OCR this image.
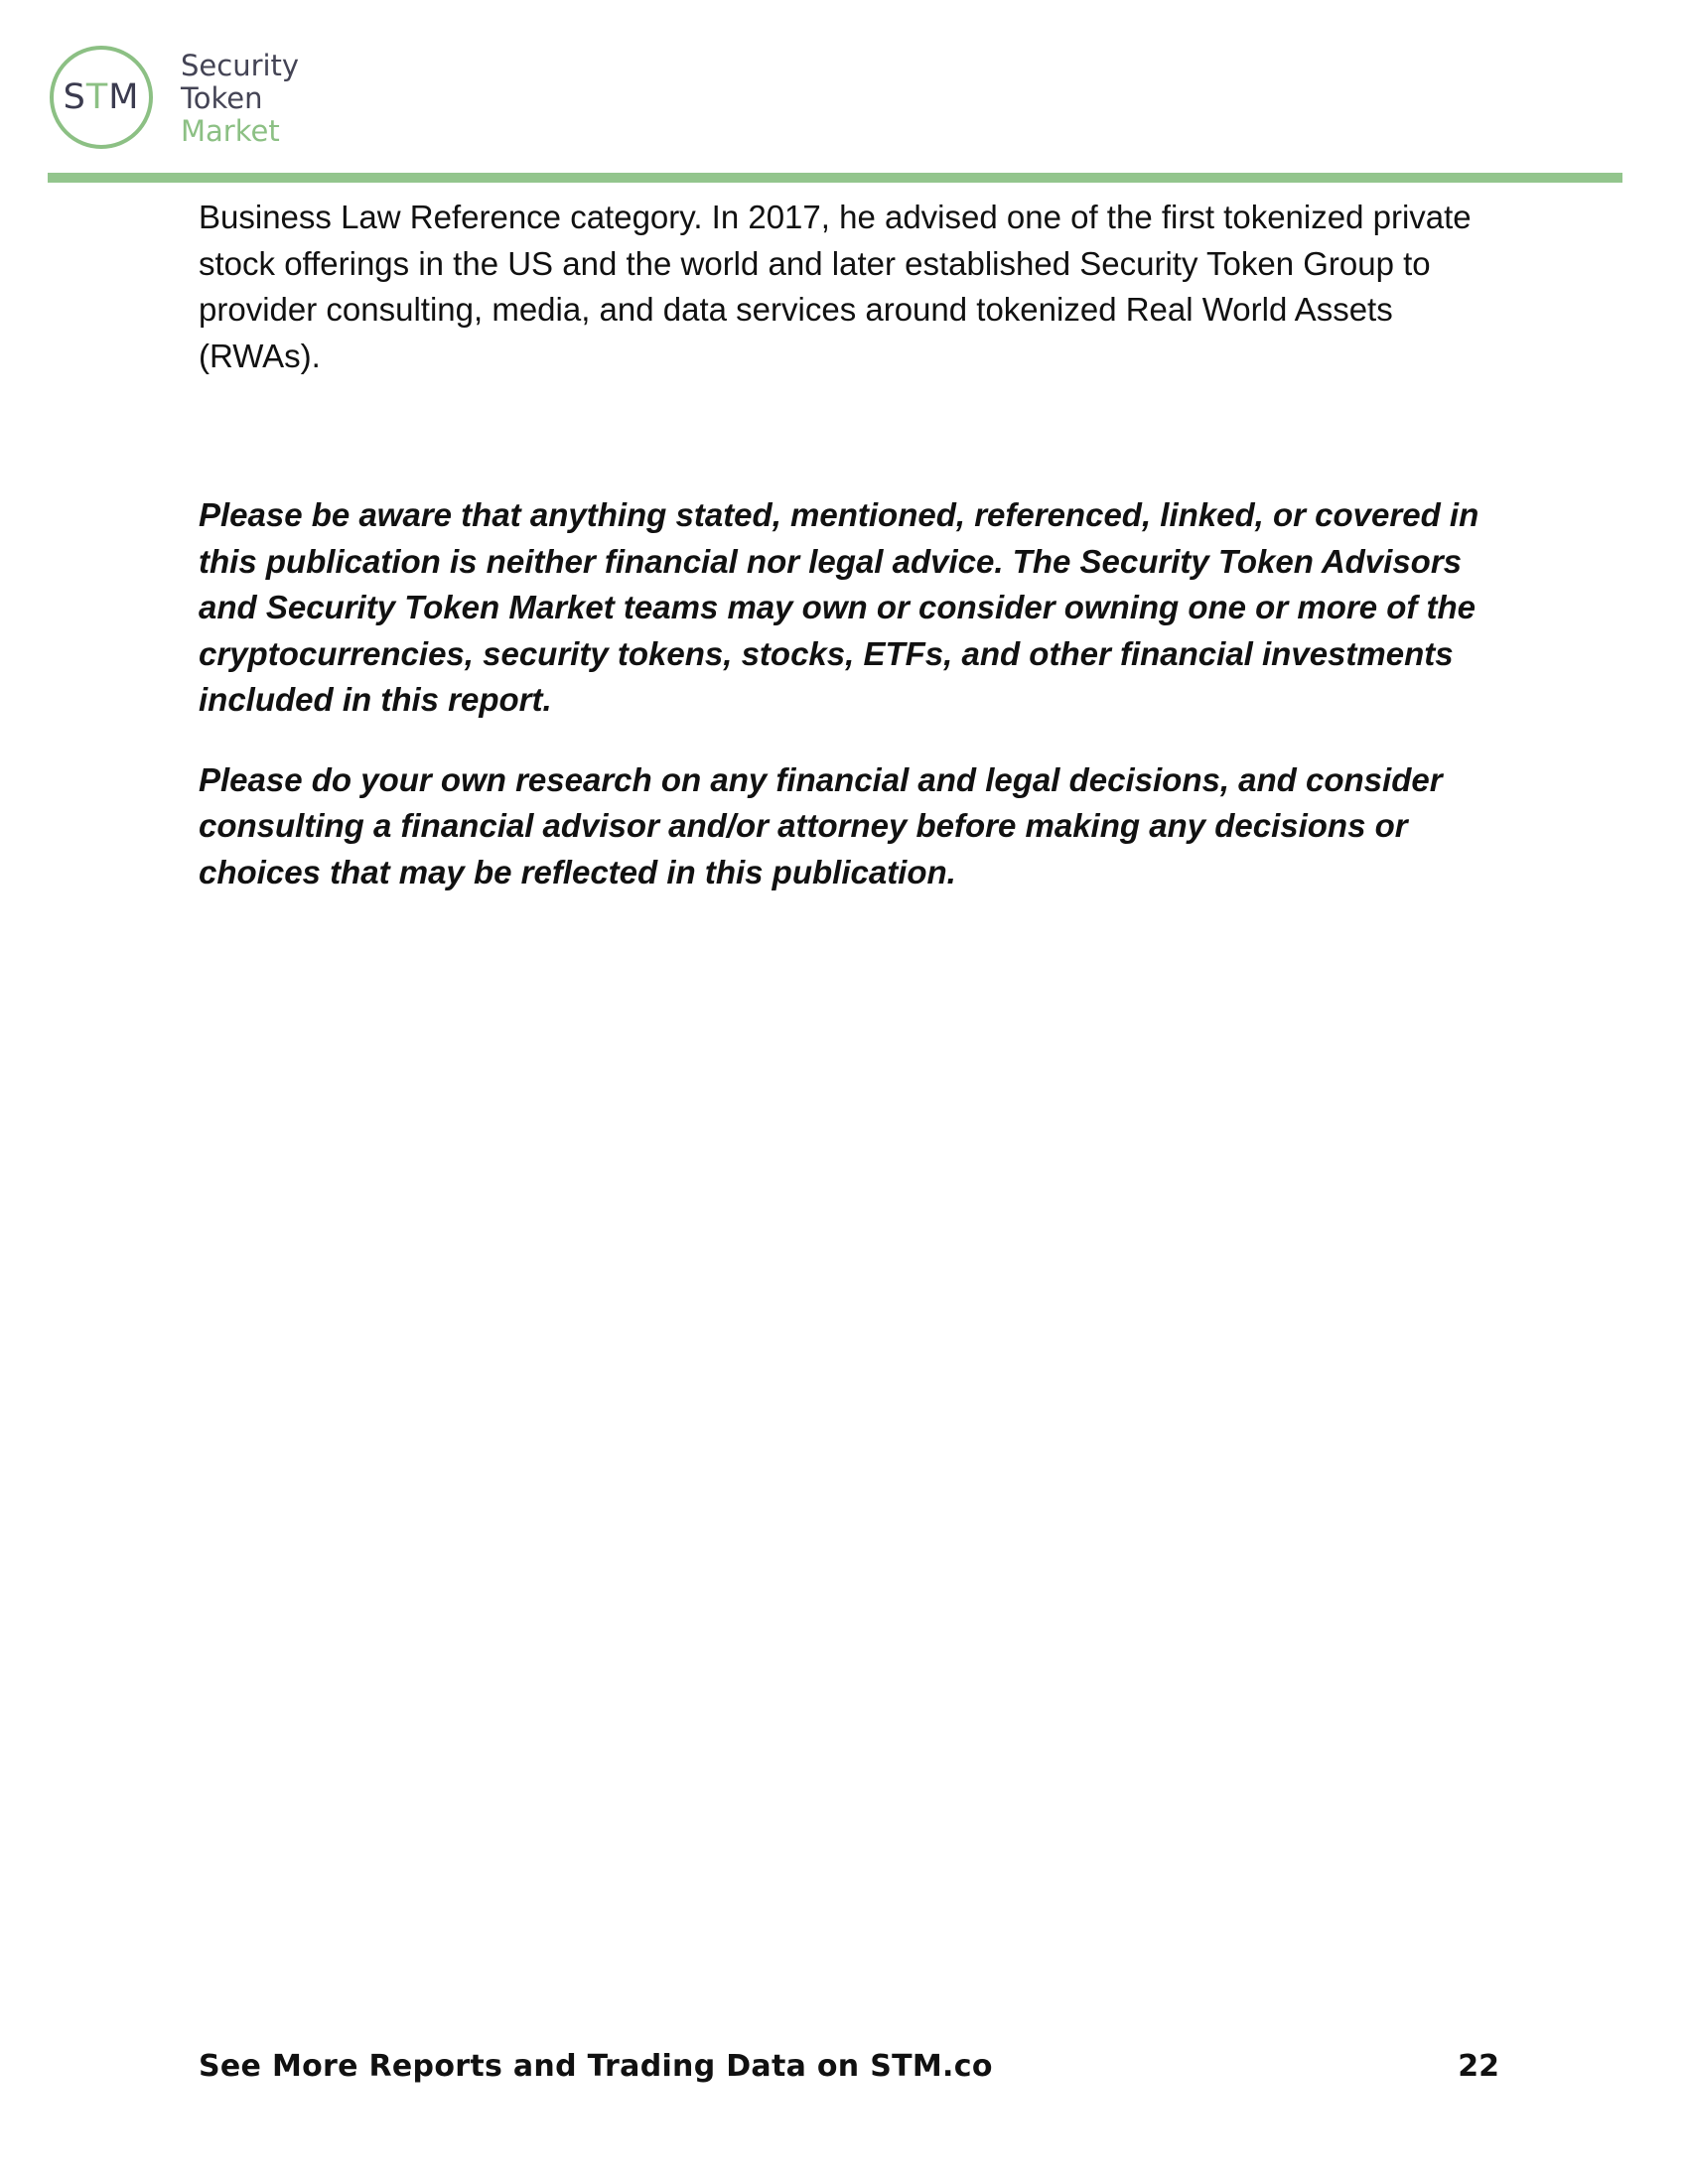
S T M
Security
Token
Market

Business Law Reference category. In 2017, he advised one of the first tokenized private stock offerings in the US and the world and later established Security Token Group to provider consulting, media, and data services around tokenized Real World Assets (RWAs).

Please be aware that anything stated, mentioned, referenced, linked, or covered in this publication is neither financial nor legal advice. The Security Token Advisors and Security Token Market teams may own or consider owning one or more of the cryptocurrencies, security tokens, stocks, ETFs, and other financial investments included in this report.

Please do your own research on any financial and legal decisions, and consider consulting a financial advisor and/or attorney before making any decisions or choices that may be reflected in this publication.

See More Reports and Trading Data on STM.co	22
